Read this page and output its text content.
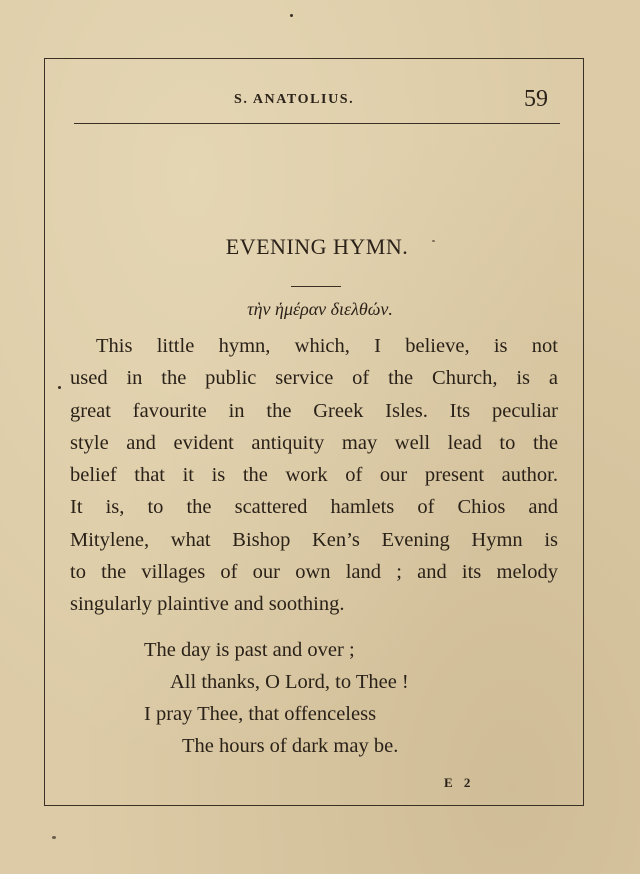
S. ANATOLIUS.	59
EVENING HYMN.
τὴν ἡμέραν διελθών.
This little hymn, which, I believe, is not
used in the public service of the Church, is a
great favourite in the Greek Isles. Its peculiar
style and evident antiquity may well lead to the
belief that it is the work of our present author.
It is, to the scattered hamlets of Chios and
Mitylene, what Bishop Ken’s Evening Hymn is
to the villages of our own land ; and its melody
singularly plaintive and soothing.
The day is past and over ;
All thanks, O Lord, to Thee !
I pray Thee, that offenceless
The hours of dark may be.
E 2
